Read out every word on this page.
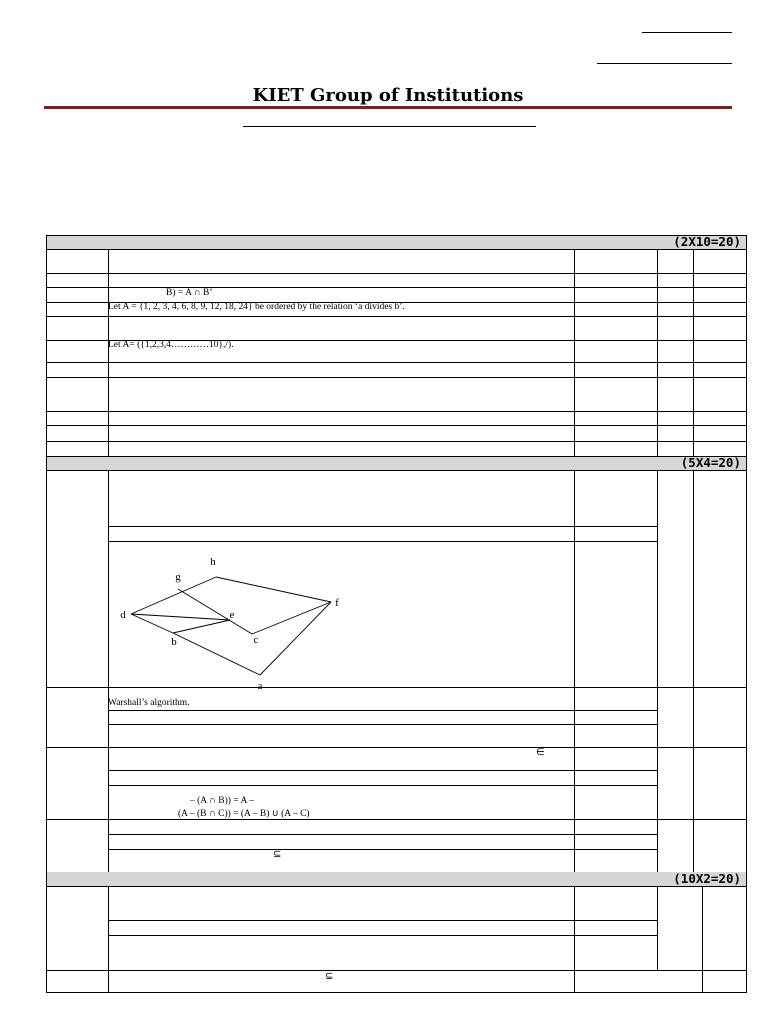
KIET Group of Institutions
(2X10=20)
(5X4=20)
(10X2=20)
B) = A ∩ B’
Let A = {1, 2, 3, 4, 6, 8, 9, 12, 18, 24} be ordered by the relation ‘a divides b’.
Let A= ({1,2,3,4…………10},/).
h
g
d	e
f
b	c
a
Warshall’s algorithm.
∈
– (A ∩ B)) = A –
(A – (B ∩ C)) = (A – B) ∪ (A – C)
⊆
⊆
